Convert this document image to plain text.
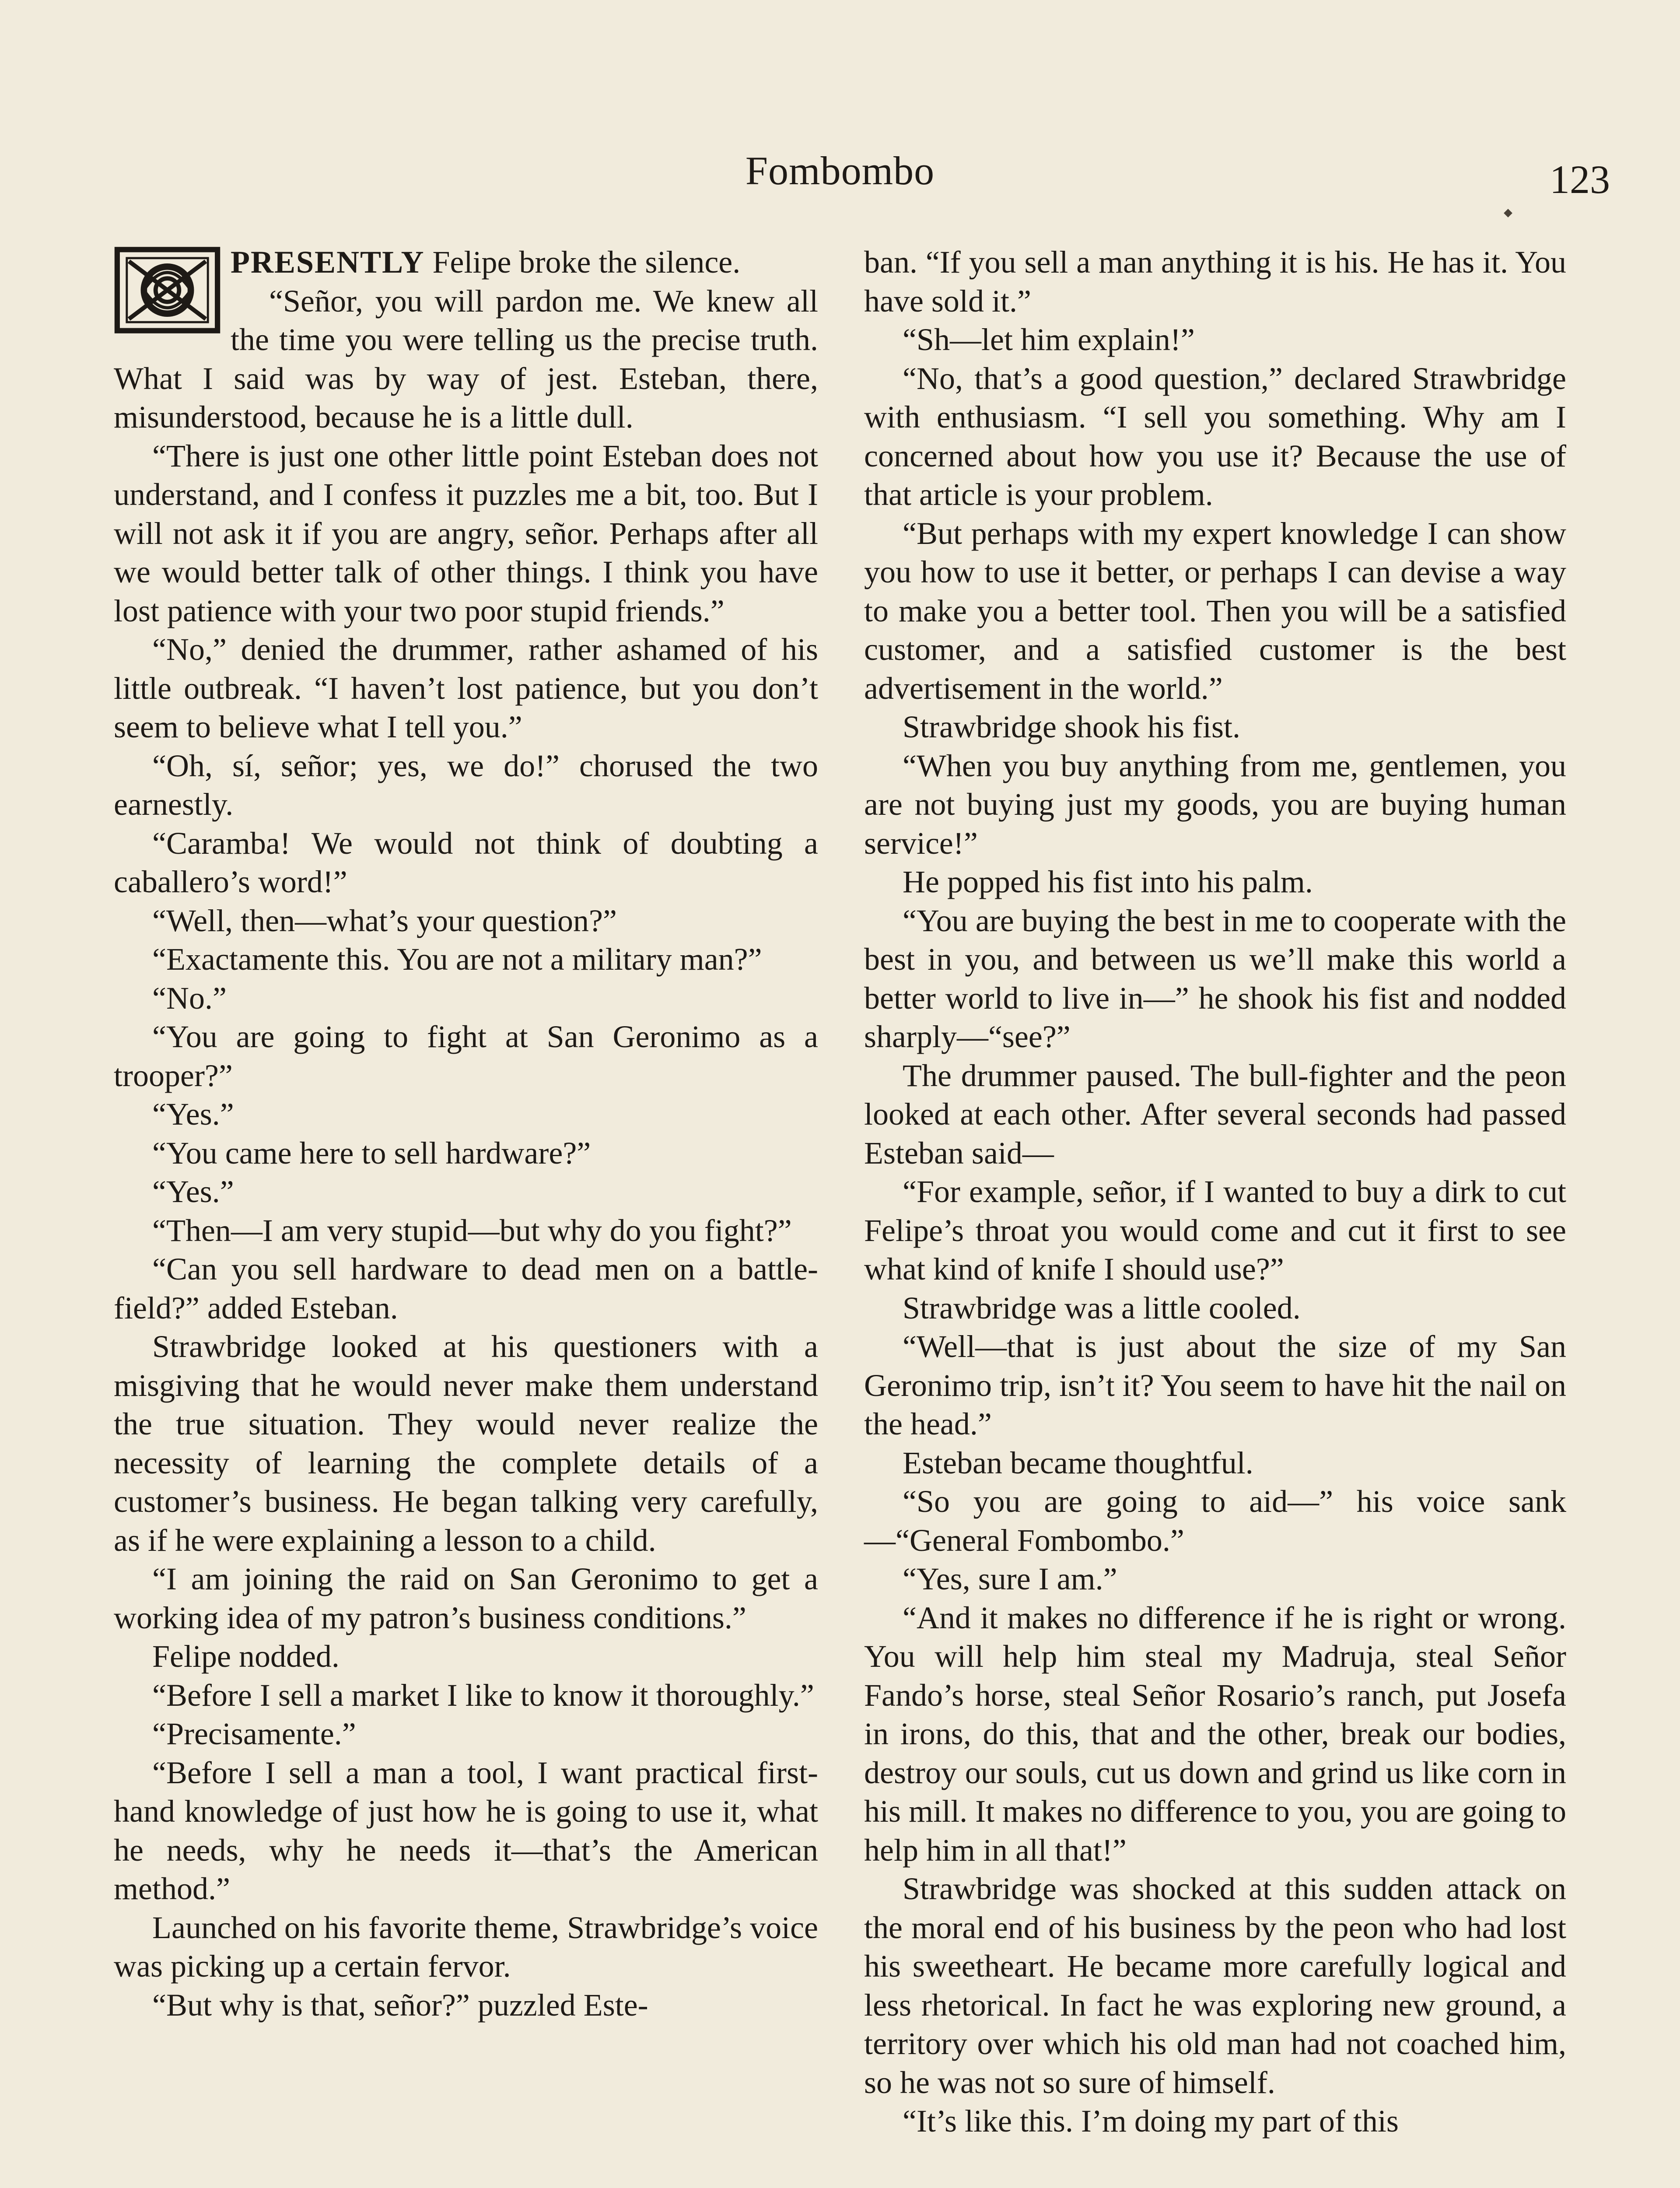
Fombombo	123

PRESENTLY Felipe broke the silence.

“Señor, you will pardon me. We knew all the time you were telling us the precise truth. What I said was by way of jest. Esteban, there, misunderstood, because he is a little dull.

“There is just one other little point Esteban does not understand, and I confess it puzzles me a bit, too. But I will not ask it if you are angry, señor. Perhaps after all we would better talk of other things. I think you have lost patience with your two poor stupid friends.”

“No,” denied the drummer, rather ashamed of his little outbreak. “I haven’t lost patience, but you don’t seem to believe what I tell you.”

“Oh, sí, señor; yes, we do!” chorused the two earnestly.

“Caramba! We would not think of doubting a caballero’s word!”

“Well, then—what’s your question?”

“Exactamente this. You are not a military man?”

“No.”

“You are going to fight at San Geronimo as a trooper?”

“Yes.”

“You came here to sell hardware?”

“Yes.”

“Then—I am very stupid—but why do you fight?”

“Can you sell hardware to dead men on a battle-field?” added Esteban.

Strawbridge looked at his questioners with a misgiving that he would never make them understand the true situation. They would never realize the necessity of learning the complete details of a customer’s business. He began talking very carefully, as if he were explaining a lesson to a child.

“I am joining the raid on San Geronimo to get a working idea of my patron’s business conditions.”

Felipe nodded.

“Before I sell a market I like to know it thoroughly.”

“Precisamente.”

“Before I sell a man a tool, I want practical first-hand knowledge of just how he is going to use it, what he needs, why he needs it—that’s the American method.”

Launched on his favorite theme, Strawbridge’s voice was picking up a certain fervor.

“But why is that, señor?” puzzled Este-

ban. “If you sell a man anything it is his. He has it. You have sold it.”

“Sh—let him explain!”

“No, that’s a good question,” declared Strawbridge with enthusiasm. “I sell you something. Why am I concerned about how you use it? Because the use of that article is your problem.

“But perhaps with my expert knowledge I can show you how to use it better, or perhaps I can devise a way to make you a better tool. Then you will be a satisfied customer, and a satisfied customer is the best advertisement in the world.”

Strawbridge shook his fist.

“When you buy anything from me, gentlemen, you are not buying just my goods, you are buying human service!”

He popped his fist into his palm.

“You are buying the best in me to cooperate with the best in you, and between us we’ll make this world a better world to live in—” he shook his fist and nodded sharply—“see?”

The drummer paused. The bull-fighter and the peon looked at each other. After several seconds had passed Esteban said—

“For example, señor, if I wanted to buy a dirk to cut Felipe’s throat you would come and cut it first to see what kind of knife I should use?”

Strawbridge was a little cooled.

“Well—that is just about the size of my San Geronimo trip, isn’t it? You seem to have hit the nail on the head.”

Esteban became thoughtful.

“So you are going to aid—” his voice sank—“General Fombombo.”

“Yes, sure I am.”

“And it makes no difference if he is right or wrong. You will help him steal my Madruja, steal Señor Fando’s horse, steal Señor Rosario’s ranch, put Josefa in irons, do this, that and the other, break our bodies, destroy our souls, cut us down and grind us like corn in his mill. It makes no difference to you, you are going to help him in all that!”

Strawbridge was shocked at this sudden attack on the moral end of his business by the peon who had lost his sweetheart. He became more carefully logical and less rhetorical. In fact he was exploring new ground, a territory over which his old man had not coached him, so he was not so sure of himself.

“It’s like this. I’m doing my part of this
